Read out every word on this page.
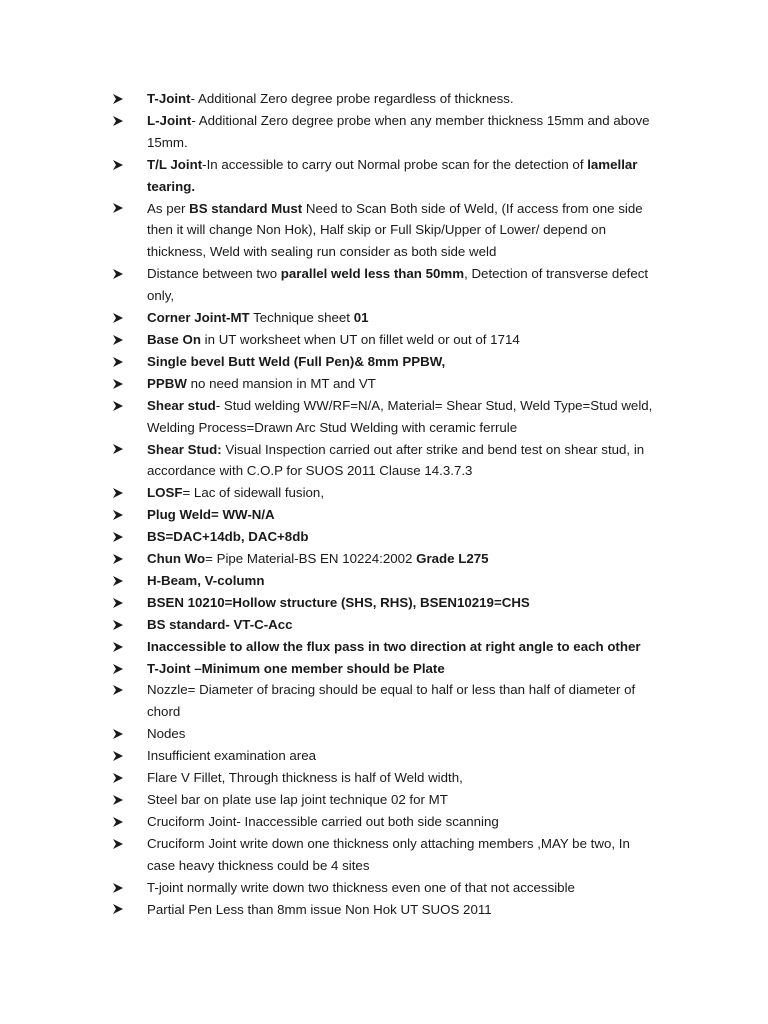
T-Joint- Additional Zero degree probe regardless of thickness.
L-Joint- Additional Zero degree probe when any member thickness 15mm and above 15mm.
T/L Joint-In accessible to carry out Normal probe scan for the detection of lamellar tearing.
As per BS standard Must Need to Scan Both side of Weld, (If access from one side then it will change Non Hok), Half skip or Full Skip/Upper of Lower/ depend on thickness, Weld with sealing run consider as both side weld
Distance between two parallel weld less than 50mm, Detection of transverse defect only,
Corner Joint-MT Technique sheet 01
Base On in UT worksheet when UT on fillet weld or out of 1714
Single bevel Butt Weld (Full Pen)& 8mm PPBW,
PPBW no need mansion in MT and VT
Shear stud- Stud welding WW/RF=N/A, Material= Shear Stud, Weld Type=Stud weld, Welding Process=Drawn Arc Stud Welding with ceramic ferrule
Shear Stud: Visual Inspection carried out after strike and bend test on shear stud, in accordance with C.O.P for SUOS 2011 Clause 14.3.7.3
LOSF= Lac of sidewall fusion,
Plug Weld= WW-N/A
BS=DAC+14db, DAC+8db
Chun Wo= Pipe Material-BS EN 10224:2002 Grade L275
H-Beam, V-column
BSEN 10210=Hollow structure (SHS, RHS), BSEN10219=CHS
BS standard- VT-C-Acc
Inaccessible to allow the flux pass in two direction at right angle to each other
T-Joint –Minimum one member should be Plate
Nozzle= Diameter of bracing should be equal to half or less than half of diameter of chord
Nodes
Insufficient examination area
Flare V Fillet, Through thickness is half of Weld width,
Steel bar on plate use lap joint technique 02 for MT
Cruciform Joint- Inaccessible carried out both side scanning
Cruciform Joint write down one thickness only attaching members ,MAY be two, In case heavy thickness could be 4 sites
T-joint normally write down two thickness even one of that not accessible
Partial Pen Less than 8mm issue Non Hok UT SUOS 2011
